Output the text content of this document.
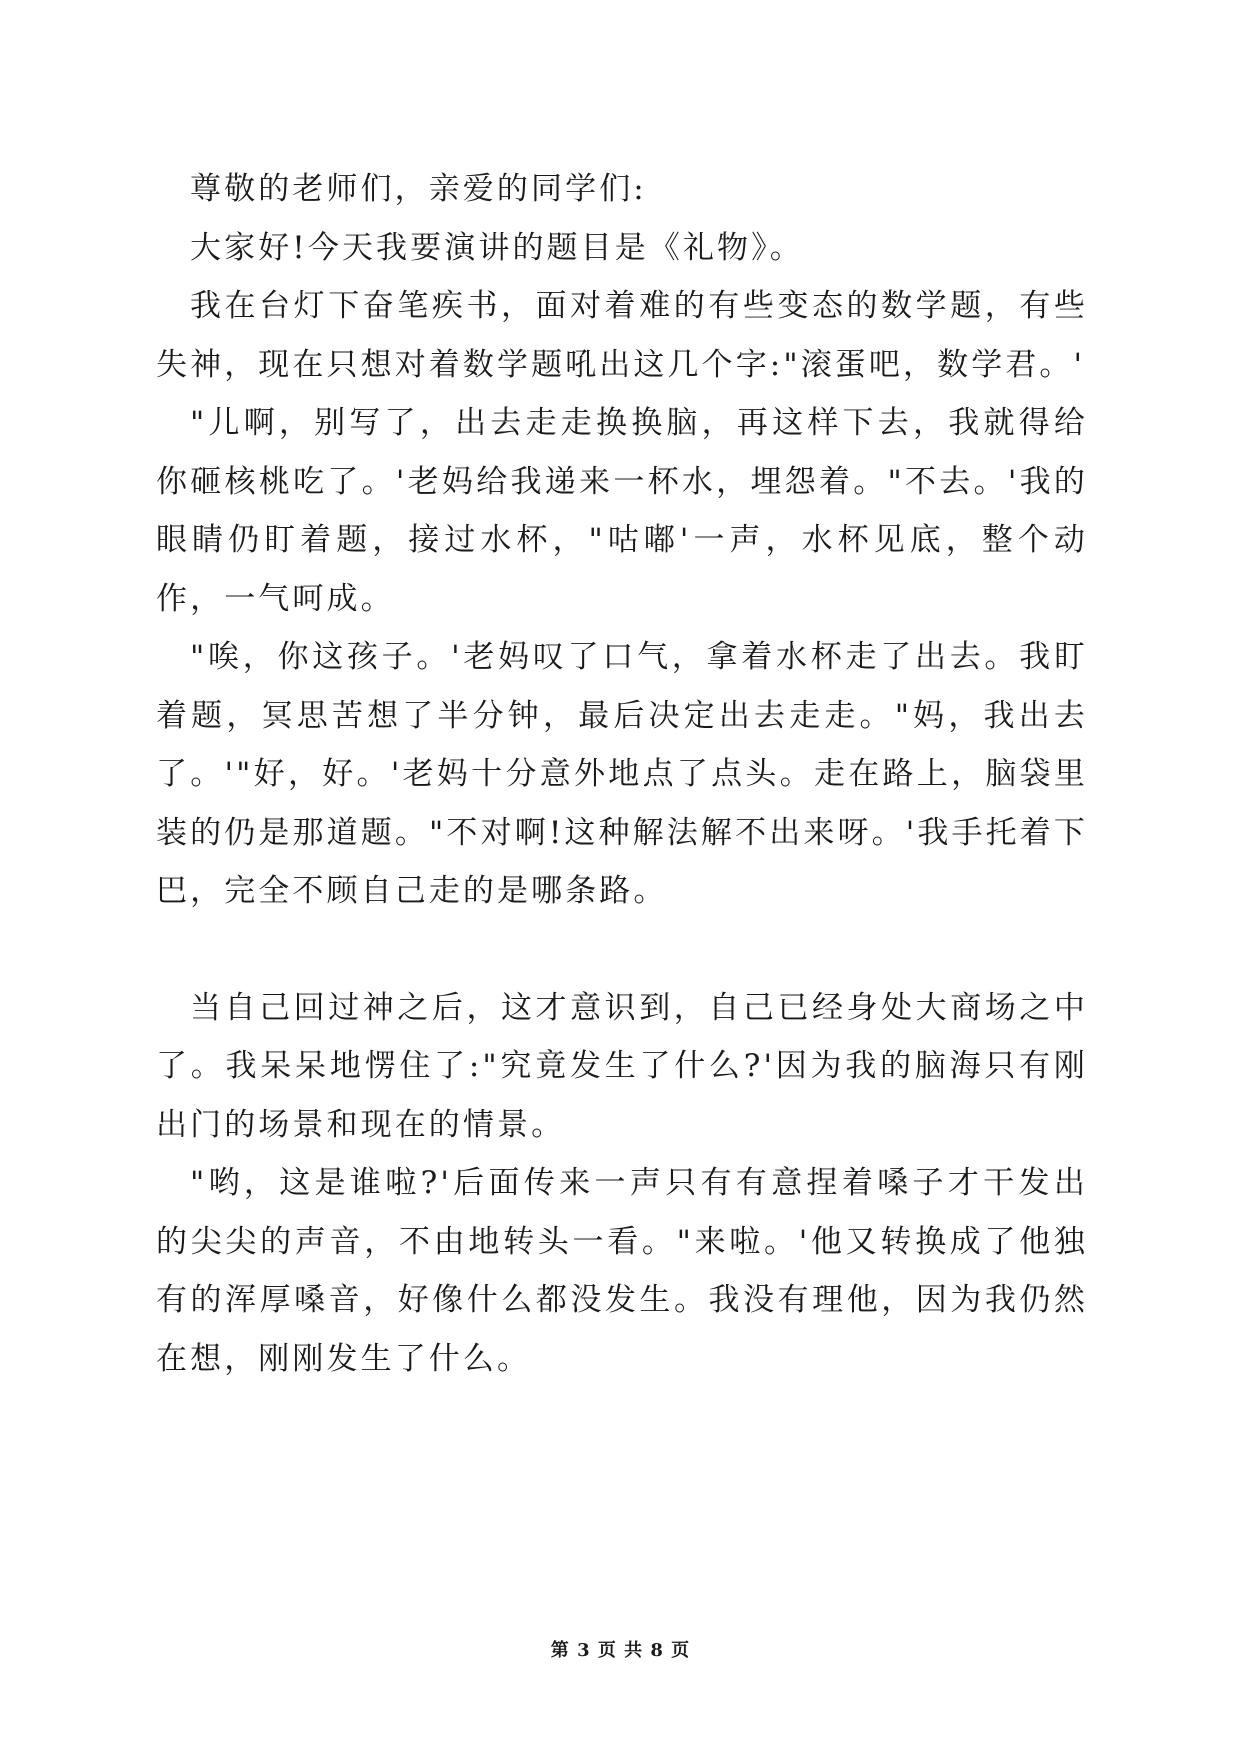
尊敬的老师们，亲爱的同学们:

大家好!今天我要演讲的题目是《礼物》。

我在台灯下奋笔疾书，面对着难的有些变态的数学题，有些失神，现在只想对着数学题吼出这几个字:"滚蛋吧，数学君。'

"儿啊，别写了，出去走走换换脑，再这样下去，我就得给你砸核桃吃了。'老妈给我递来一杯水，埋怨着。"不去。'我的眼睛仍盯着题，接过水杯，"咕嘟'一声，水杯见底，整个动作，一气呵成。

"唉，你这孩子。'老妈叹了口气，拿着水杯走了出去。我盯着题，冥思苦想了半分钟，最后决定出去走走。"妈，我出去了。'"好，好。'老妈十分意外地点了点头。走在路上，脑袋里装的仍是那道题。"不对啊!这种解法解不出来呀。'我手托着下巴，完全不顾自己走的是哪条路。

当自己回过神之后，这才意识到，自己已经身处大商场之中了。我呆呆地愣住了:"究竟发生了什么?'因为我的脑海只有刚出门的场景和现在的情景。

"哟，这是谁啦?'后面传来一声只有有意捏着嗓子才干发出的尖尖的声音，不由地转头一看。"来啦。'他又转换成了他独有的浑厚嗓音，好像什么都没发生。我没有理他，因为我仍然在想，刚刚发生了什么。

第 3 页 共 8 页
